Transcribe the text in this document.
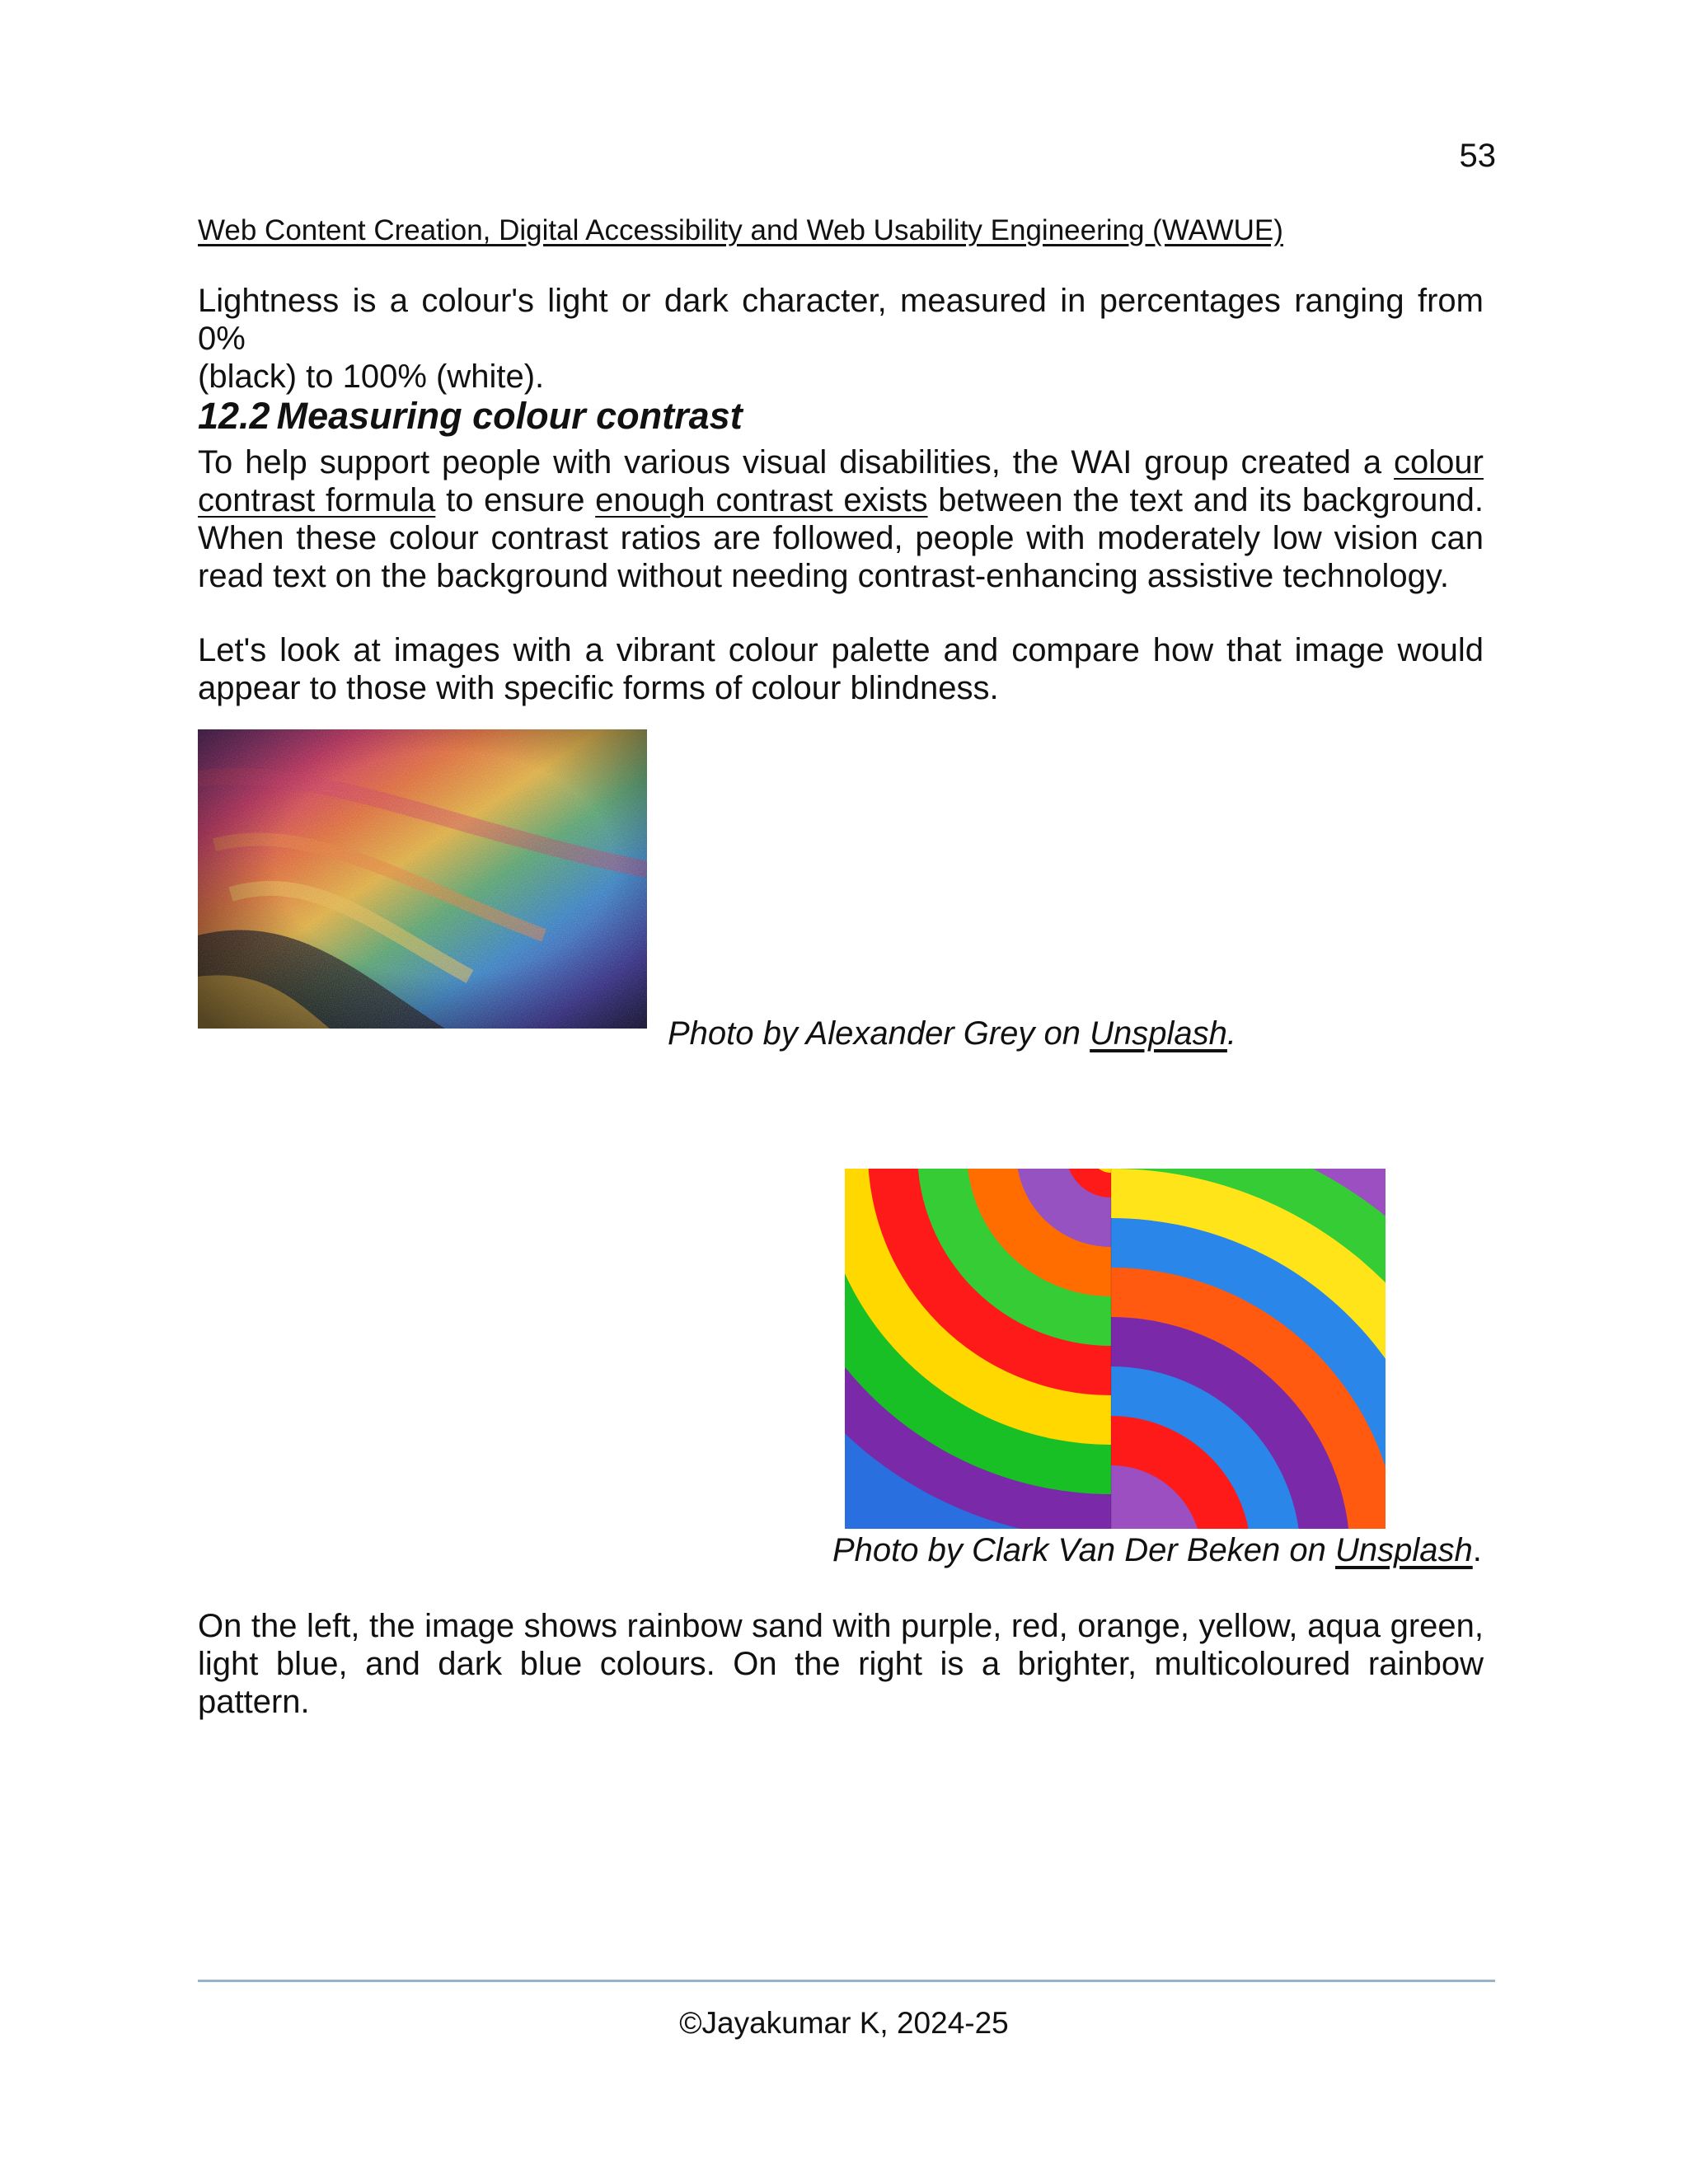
53
Web Content Creation, Digital Accessibility and Web Usability Engineering (WAWUE)

Lightness is a colour's light or dark character, measured in percentages ranging from 0%
(black) to 100% (white).

12.2 Measuring colour contrast

To help support people with various visual disabilities, the WAI group created a colour
contrast formula to ensure enough contrast exists between the text and its background.
When these colour contrast ratios are followed, people with moderately low vision can
read text on the background without needing contrast-enhancing assistive technology.

Let's look at images with a vibrant colour palette and compare how that image would
appear to those with specific forms of colour blindness.

Photo by Alexander Grey on Unsplash.
Photo by Clark Van Der Beken on Unsplash.

On the left, the image shows rainbow sand with purple, red, orange, yellow, aqua green,
light blue, and dark blue colours. On the right is a brighter, multicoloured rainbow pattern.

©Jayakumar K, 2024-25
